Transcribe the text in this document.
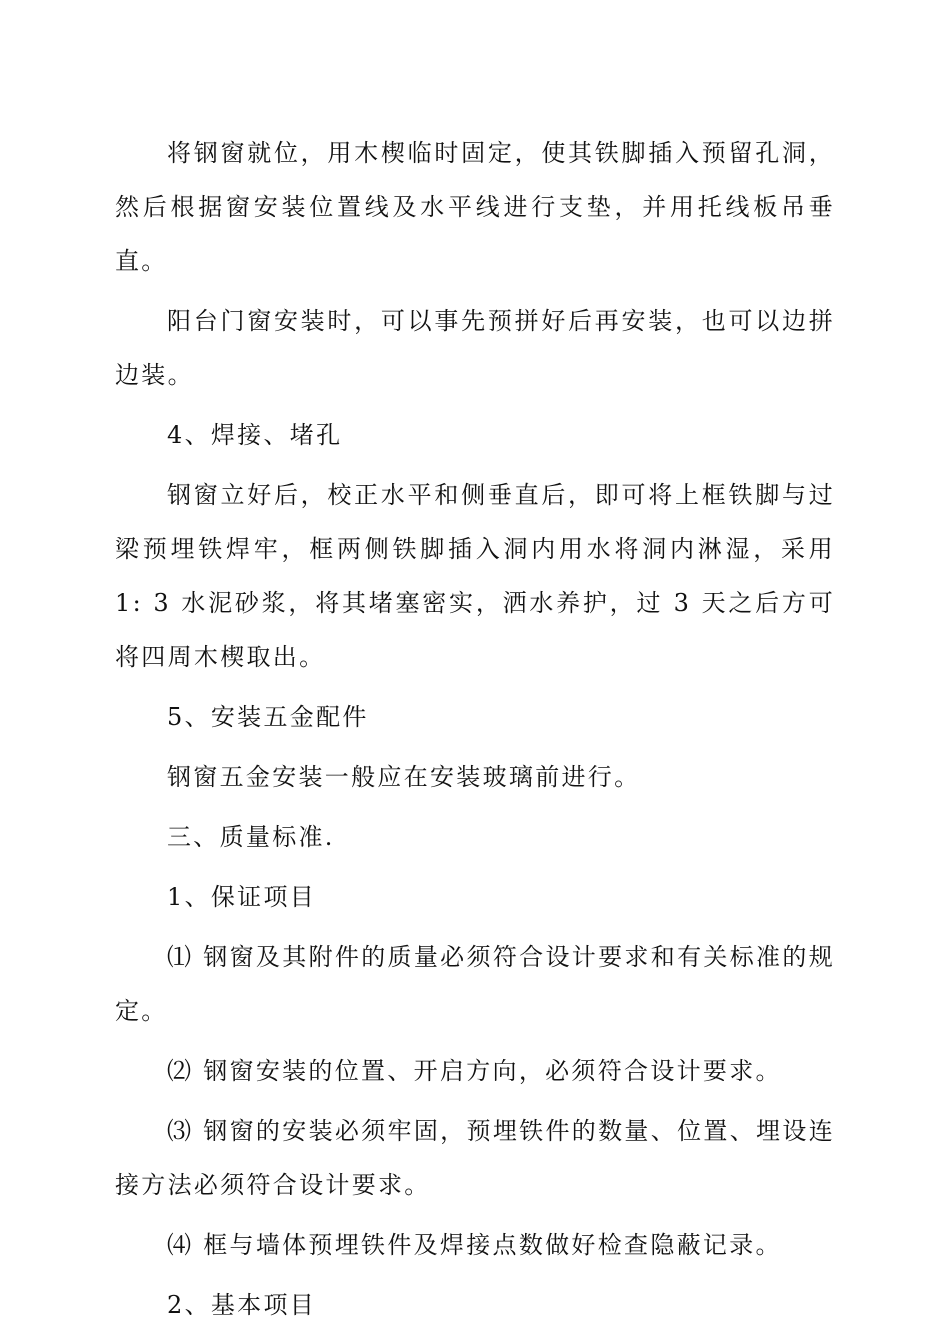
将钢窗就位，用木楔临时固定，使其铁脚插入预留孔洞，然后根据窗安装位置线及水平线进行支垫，并用托线板吊垂直。

阳台门窗安装时，可以事先预拼好后再安装，也可以边拼边装。

4、焊接、堵孔

钢窗立好后，校正水平和侧垂直后，即可将上框铁脚与过梁预埋铁焊牢，框两侧铁脚插入洞内用水将洞内淋湿，采用 1: 3 水泥砂浆，将其堵塞密实，洒水养护，过 3 天之后方可将四周木楔取出。

5、安装五金配件

钢窗五金安装一般应在安装玻璃前进行。

三、质量标准.

1、保证项目

⑴ 钢窗及其附件的质量必须符合设计要求和有关标准的规定。

⑵ 钢窗安装的位置、开启方向，必须符合设计要求。

⑶ 钢窗的安装必须牢固，预埋铁件的数量、位置、埋设连接方法必须符合设计要求。

⑷ 框与墙体预埋铁件及焊接点数做好检查隐蔽记录。

2、基本项目
